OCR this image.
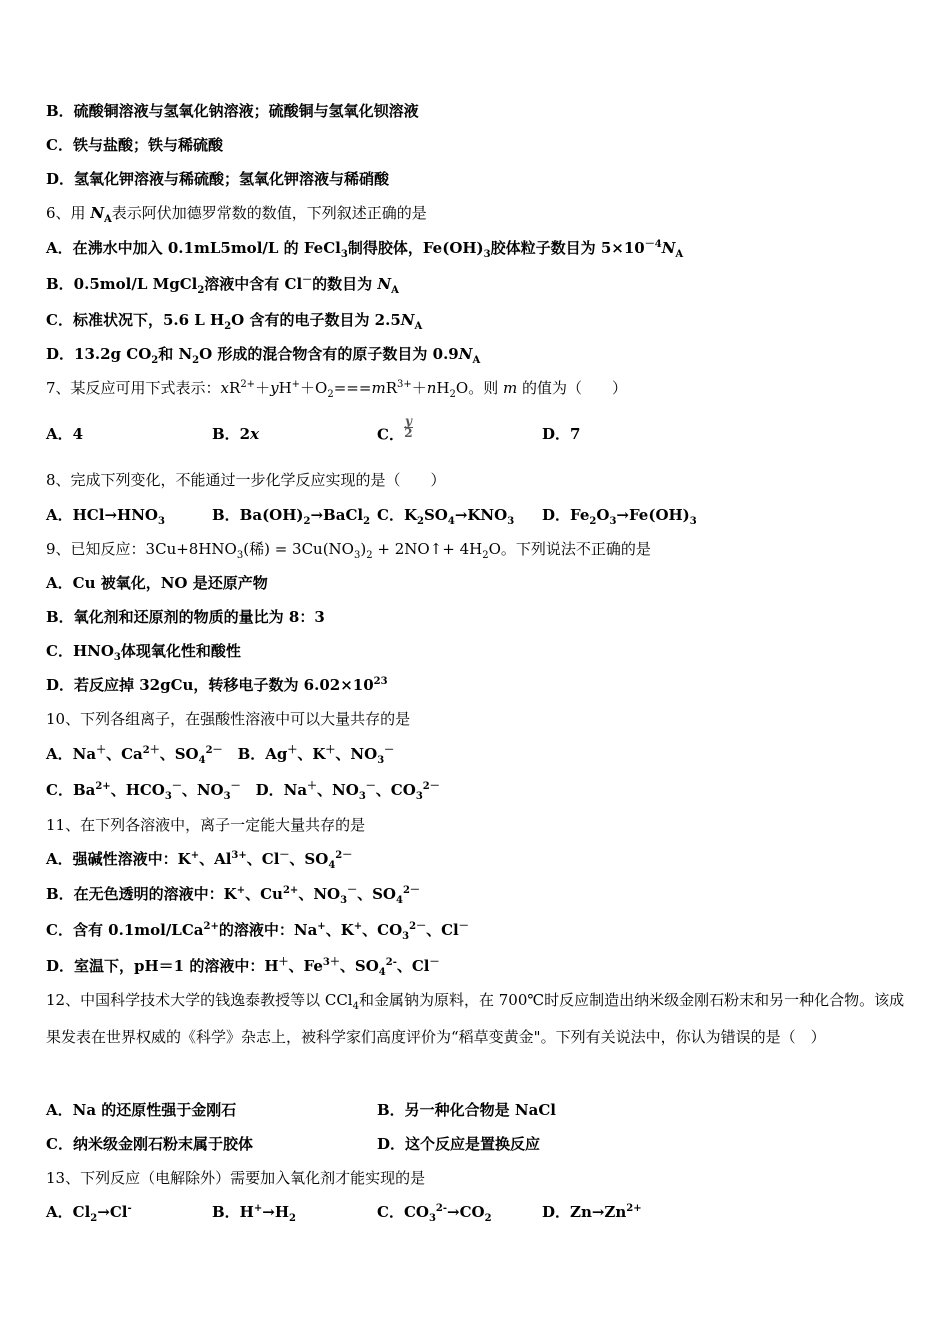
B．硫酸铜溶液与氢氧化钠溶液；硫酸铜与氢氧化钡溶液
C．铁与盐酸；铁与稀硫酸
D．氢氧化钾溶液与稀硫酸；氢氧化钾溶液与稀硝酸
6、用 $N_A$表示阿伏加德罗常数的数值，下列叙述正确的是
A．在沸水中加入 0.1mL5mol/L 的 FeCl$_3$制得胶体，$Fe(OH)_3$胶体粒子数目为 $5\times 10^{-4}N_A$
B．0.5mol/L MgCl$_2$溶液中含有 Cl－的数目为 $N_A$
C．标准状况下，5.6 L $H_2O$ 含有的电子数目为 $2.5N_A$
D．13.2g $CO_2$和 $N_2O$ 形成的混合物含有的原子数目为 $0.9N_A$
7、某反应可用下式表示：$xR^{2+}+yH^++O_2===mR^{3+}+nH_2O$。则 m 的值为（　　）
A．4	B．2x	C． $\frac{y}{2}$	D．7
8、完成下列变化，不能通过一步化学反应实现的是（　　）
A．$HCl\to HNO_3$	B．$Ba(OH)_2\to BaCl_2$ C．$K_2SO_4\to KNO_3$ D．$Fe_2O_3\to Fe(OH)_3$
9、已知反应：$3Cu+8HNO_3$(稀) = $3Cu(NO_3)_2$ + 2NO↑+ $4H_2O$。下列说法不正确的是
A．Cu 被氧化，NO 是还原产物
B．氧化剂和还原剂的物质的量比为 8：3
C．$HNO_3$体现氧化性和酸性
D．若反应掉 32gCu，转移电子数为 $6.02\times 10^{23}$
10、下列各组离子，在强酸性溶液中可以大量共存的是
A．Na＋、$Ca^{2+}$、$SO_4^{2-}$　B．Ag＋、K＋、$NO_3^-$
C．$Ba^{2+}$、$HCO_3^-$、$NO_3^-$　D．Na＋、$NO_3^-$、$CO_3^{2-}$
11、在下列各溶液中，离子一定能大量共存的是
A．强碱性溶液中：K+、$Al^{3+}$、Cl－、$SO_4^{2-}$
B．在无色透明的溶液中：K+、$Cu^{2+}$、$NO_3^-$、$SO_4^{2-}$
C．含有 0.1mol/LCa$^{2+}$的溶液中：Na+、K+、$CO_3^{2-}$、Cl－
D．室温下，pH＝1 的溶液中：H＋、$Fe^{3+}$、$SO_4^{2-}$、Cl－
12、中国科学技术大学的钱逸泰教授等以 CCl$_4$和金属钠为原料，在 700℃时反应制造出纳米级金刚石粉末和另一种化合物。该成果发表在世界权威的《科学》杂志上，被科学家们高度评价为“稻草变黄金"。下列有关说法中，你认为错误的是（　）
A．Na 的还原性强于金刚石	B．另一种化合物是 NaCl
C．纳米级金刚石粉末属于胶体	D．这个反应是置换反应
13、下列反应（电解除外）需要加入氧化剂才能实现的是
A．$Cl_2\to Cl^-$	B．$H^+\to H_2$	C．$CO_3^{2-}\to CO_2$	D．$Zn\to Zn^{2+}$
